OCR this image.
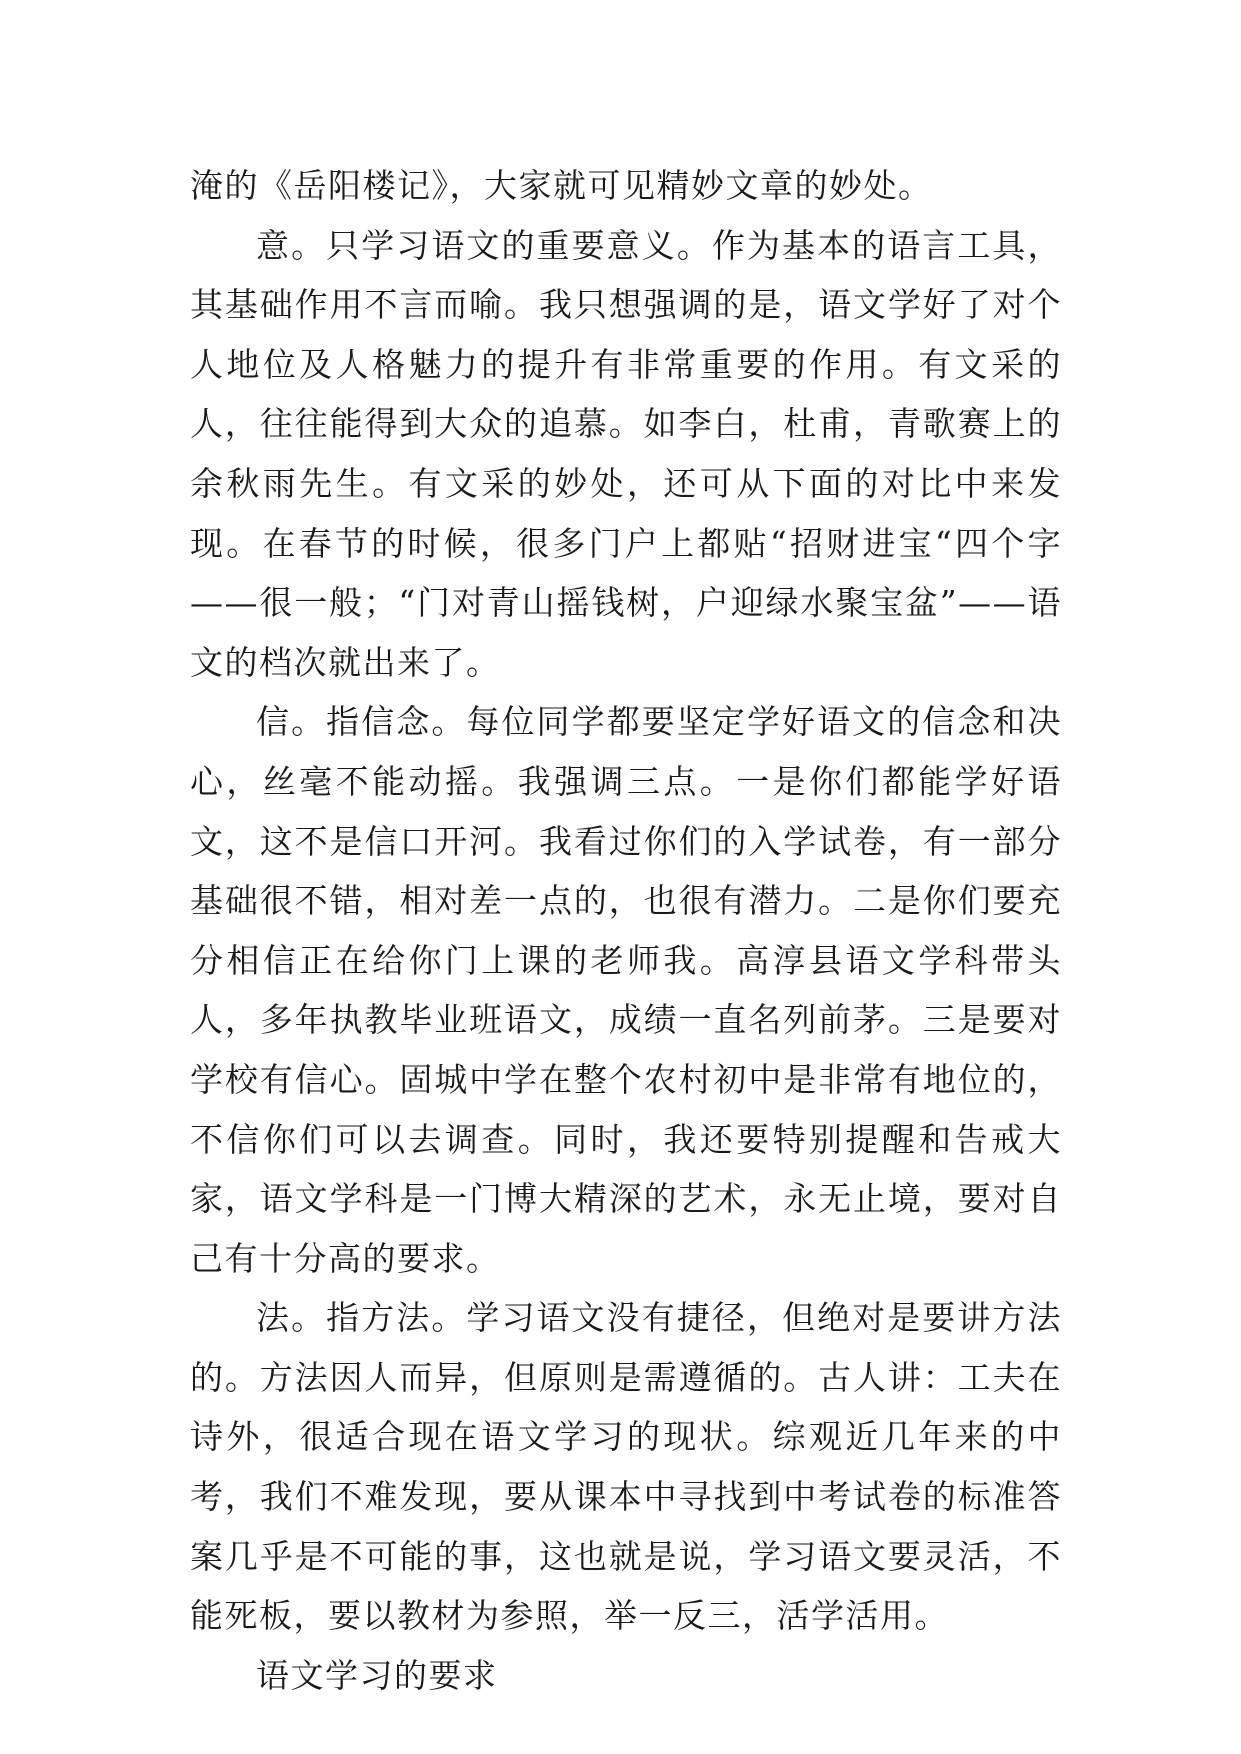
淹的《岳阳楼记》，大家就可见精妙文章的妙处。

意。只学习语文的重要意义。作为基本的语言工具，其基础作用不言而喻。我只想强调的是，语文学好了对个人地位及人格魅力的提升有非常重要的作用。有文采的人，往往能得到大众的追慕。如李白，杜甫，青歌赛上的余秋雨先生。有文采的妙处，还可从下面的对比中来发现。在春节的时候，很多门户上都贴“招财进宝“四个字——很一般；“门对青山摇钱树，户迎绿水聚宝盆”——语文的档次就出来了。

信。指信念。每位同学都要坚定学好语文的信念和决心，丝毫不能动摇。我强调三点。一是你们都能学好语文，这不是信口开河。我看过你们的入学试卷，有一部分基础很不错，相对差一点的，也很有潜力。二是你们要充分相信正在给你门上课的老师我。高淳县语文学科带头人，多年执教毕业班语文，成绩一直名列前茅。三是要对学校有信心。固城中学在整个农村初中是非常有地位的，不信你们可以去调查。同时，我还要特别提醒和告戒大家，语文学科是一门博大精深的艺术，永无止境，要对自己有十分高的要求。

法。指方法。学习语文没有捷径，但绝对是要讲方法的。方法因人而异，但原则是需遵循的。古人讲：工夫在诗外，很适合现在语文学习的现状。综观近几年来的中考，我们不难发现，要从课本中寻找到中考试卷的标准答案几乎是不可能的事，这也就是说，学习语文要灵活，不能死板，要以教材为参照，举一反三，活学活用。

语文学习的要求
